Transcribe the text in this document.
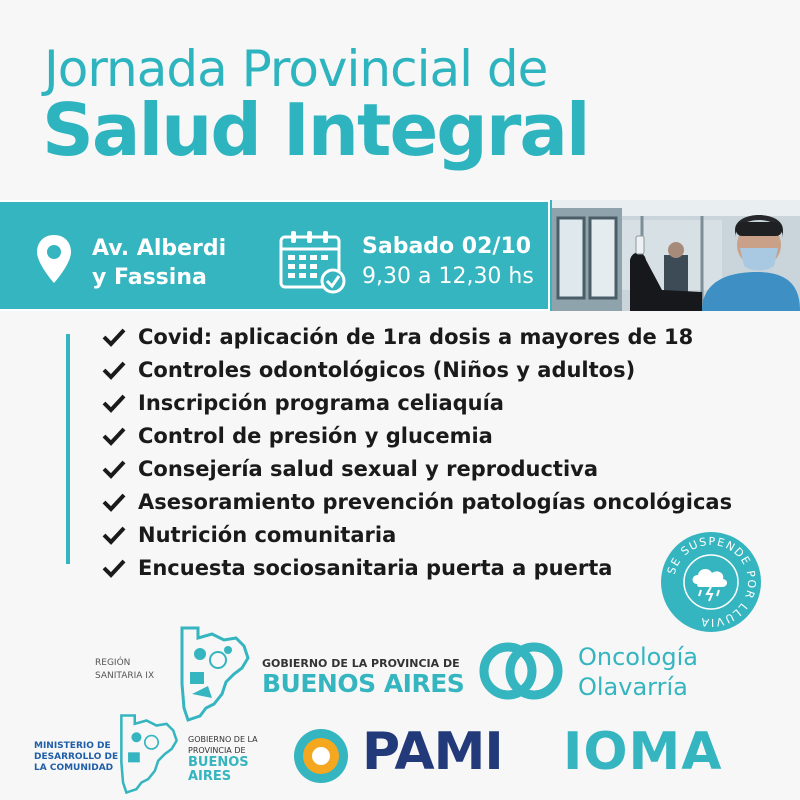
Jornada Provincial de
Salud Integral
Av. Alberdi
y Fassina
Sabado 02/10
9,30 a 12,30 hs
Covid: aplicación de 1ra dosis a mayores de 18
Controles odontológicos (Niños y adultos)
Inscripción programa celiaquía
Control de presión y glucemia
Consejería salud sexual y reproductiva
Asesoramiento prevención patologías oncológicas
Nutrición comunitaria
Encuesta sociosanitaria puerta a puerta	SE SUSPENDE POR LLUVIA
REGIÓN
SANITARIA IX
GOBIERNO DE LA PROVINCIA DE
BUENOS AIRES
Oncología
Olavarría
MINISTERIO DE
DESARROLLO DE
LA COMUNIDAD
GOBIERNO DE LA
PROVINCIA DE
BUENOS
AIRES	PAMI IOMA
